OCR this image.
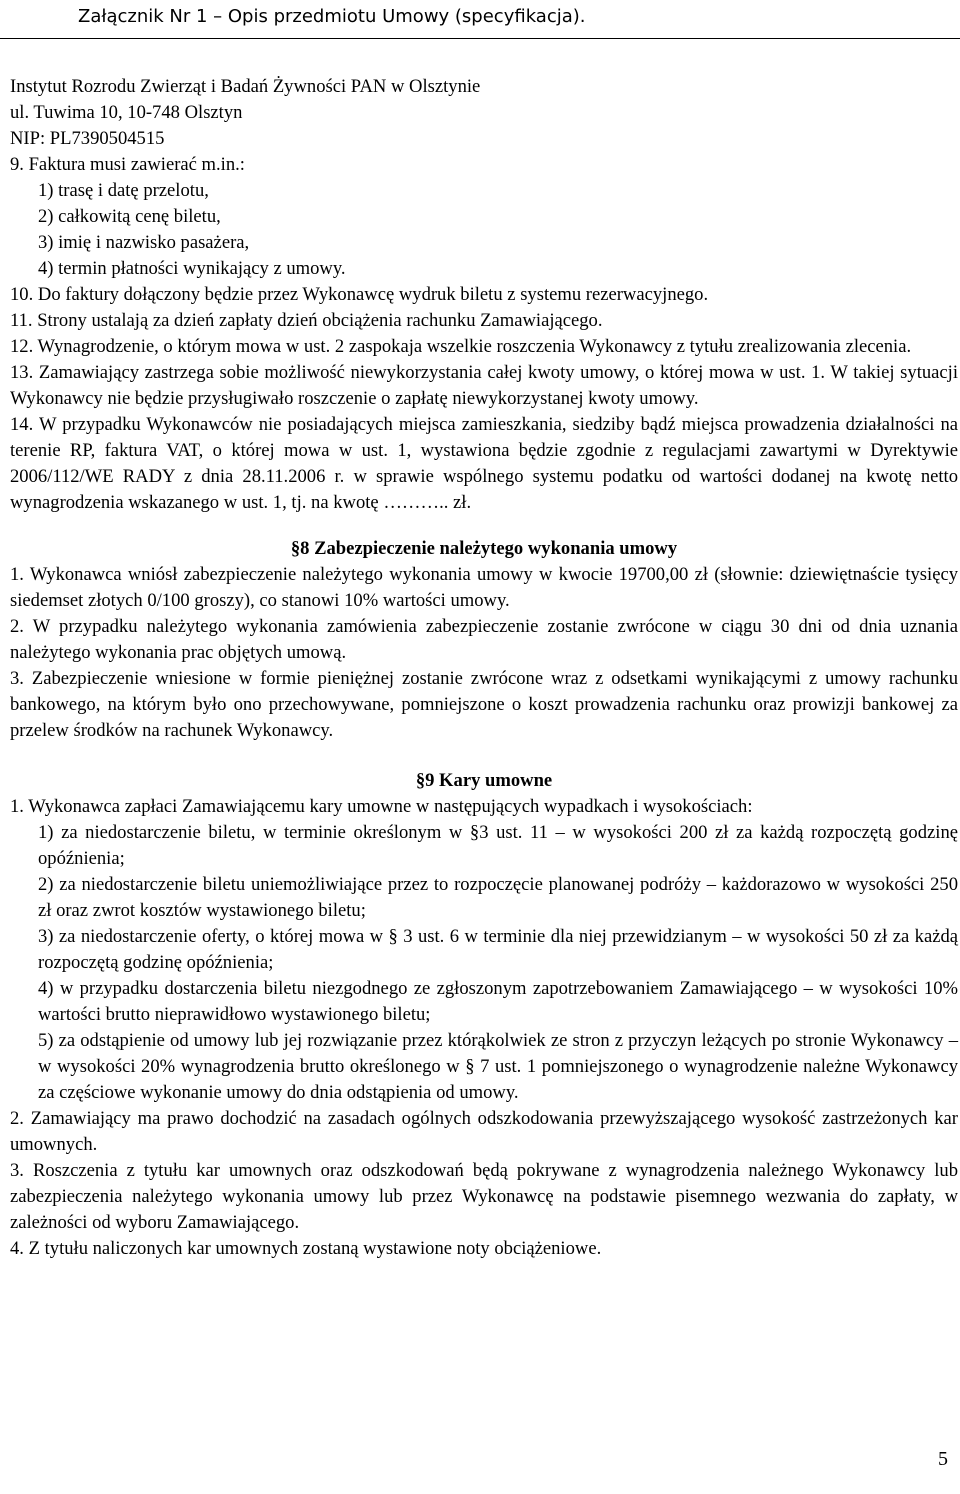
Załącznik Nr 1 – Opis przedmiotu Umowy (specyfikacja).
Instytut Rozrodu Zwierząt i Badań Żywności PAN w Olsztynie
ul. Tuwima 10, 10-748 Olsztyn
NIP: PL7390504515
9. Faktura musi zawierać m.in.:
1) trasę i datę przelotu,
2) całkowitą cenę biletu,
3) imię i nazwisko pasażera,
4) termin płatności wynikający z umowy.
10. Do faktury dołączony będzie przez Wykonawcę wydruk biletu z systemu rezerwacyjnego.
11. Strony ustalają za dzień zapłaty dzień obciążenia rachunku Zamawiającego.
12. Wynagrodzenie, o którym mowa w ust. 2 zaspokaja wszelkie roszczenia Wykonawcy z tytułu zrealizowania zlecenia.
13. Zamawiający zastrzega sobie możliwość niewykorzystania całej kwoty umowy, o której mowa w ust. 1. W takiej sytuacji Wykonawcy nie będzie przysługiwało roszczenie o zapłatę niewykorzystanej kwoty umowy.
14. W przypadku Wykonawców nie posiadających miejsca zamieszkania, siedziby bądź miejsca prowadzenia działalności na terenie RP, faktura VAT, o której mowa w ust. 1, wystawiona będzie zgodnie z regulacjami zawartymi w Dyrektywie 2006/112/WE RADY z dnia 28.11.2006 r. w sprawie wspólnego systemu podatku od wartości dodanej na kwotę netto wynagrodzenia wskazanego w ust. 1, tj. na kwotę ……….. zł.
§8 Zabezpieczenie należytego wykonania umowy
1. Wykonawca wniósł zabezpieczenie należytego wykonania umowy w kwocie 19700,00 zł (słownie: dziewiętnaście tysięcy siedemset złotych 0/100 groszy), co stanowi 10% wartości umowy.
2. W przypadku należytego wykonania zamówienia zabezpieczenie zostanie zwrócone w ciągu 30 dni od dnia uznania należytego wykonania prac objętych umową.
3. Zabezpieczenie wniesione w formie pieniężnej zostanie zwrócone wraz z odsetkami wynikającymi z umowy rachunku bankowego, na którym było ono przechowywane, pomniejszone o koszt prowadzenia rachunku oraz prowizji bankowej za przelew środków na rachunek Wykonawcy.
§9 Kary umowne
1. Wykonawca zapłaci Zamawiającemu kary umowne w następujących wypadkach i wysokościach:
1) za niedostarczenie biletu, w terminie określonym w §3 ust. 11 – w wysokości 200 zł za każdą rozpoczętą godzinę opóźnienia;
2) za niedostarczenie biletu uniemożliwiające przez to rozpoczęcie planowanej podróży – każdorazowo w wysokości 250 zł oraz zwrot kosztów wystawionego biletu;
3) za niedostarczenie oferty, o której mowa w § 3 ust. 6 w terminie dla niej przewidzianym – w wysokości 50 zł za każdą rozpoczętą godzinę opóźnienia;
4) w przypadku dostarczenia biletu niezgodnego ze zgłoszonym zapotrzebowaniem Zamawiającego – w wysokości 10% wartości brutto nieprawidłowo wystawionego biletu;
5) za odstąpienie od umowy lub jej rozwiązanie przez którąkolwiek ze stron z przyczyn leżących po stronie Wykonawcy – w wysokości 20% wynagrodzenia brutto określonego w § 7 ust. 1 pomniejszonego o wynagrodzenie należne Wykonawcy za częściowe wykonanie umowy do dnia odstąpienia od umowy.
2. Zamawiający ma prawo dochodzić na zasadach ogólnych odszkodowania przewyższającego wysokość zastrzeżonych kar umownych.
3. Roszczenia z tytułu kar umownych oraz odszkodowań będą pokrywane z wynagrodzenia należnego Wykonawcy lub zabezpieczenia należytego wykonania umowy lub przez Wykonawcę na podstawie pisemnego wezwania do zapłaty, w zależności od wyboru Zamawiającego.
4. Z tytułu naliczonych kar umownych zostaną wystawione noty obciążeniowe.
5
